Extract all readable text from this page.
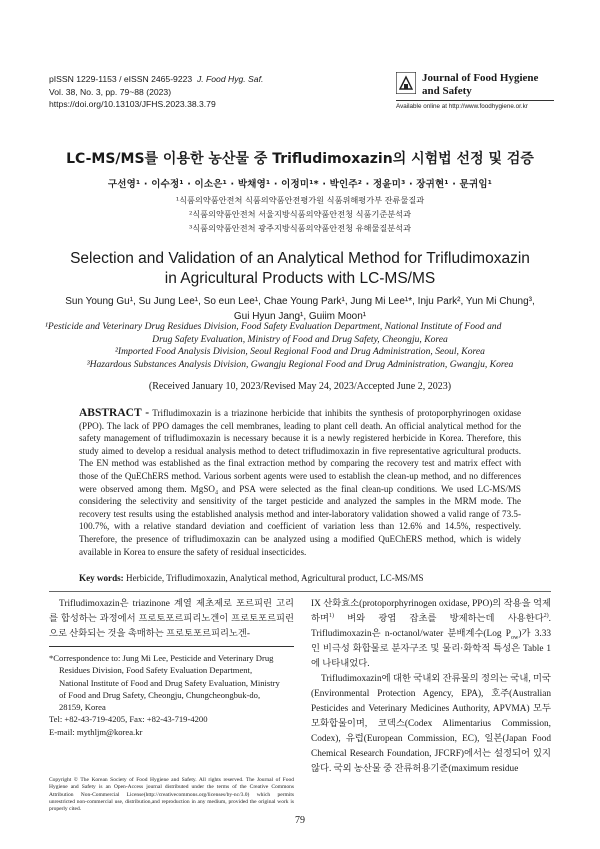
pISSN 1229-1153 / eISSN 2465-9223 J. Food Hyg. Saf.
Vol. 38, No. 3, pp. 79~88 (2023)
https://doi.org/10.13103/JFHS.2023.38.3.79
Journal of Food Hygiene
and Safety
Available online at http://www.foodhygiene.or.kr
LC-MS/MS를 이용한 농산물 중 Trifludimoxazin의 시험법 선정 및 검증
구선영¹ · 이수정¹ · 이소은¹ · 박채영¹ · 이정미¹* · 박인주² · 정윤미³ · 장귀현¹ · 문귀임¹
¹식품의약품안전처 식품의약품안전평가원 식품위해평가부 잔류물질과
²식품의약품안전처 서울지방식품의약품안전청 식품기준분석과
³식품의약품안전처 광주지방식품의약품안전청 유해물질분석과
Selection and Validation of an Analytical Method for Trifludimoxazin
in Agricultural Products with LC-MS/MS
Sun Young Gu¹, Su Jung Lee¹, So eun Lee¹, Chae Young Park¹, Jung Mi Lee¹*, Inju Park², Yun Mi Chung³,
Gui Hyun Jang¹, Guiim Moon¹

¹Pesticide and Veterinary Drug Residues Division, Food Safety Evaluation Department, National Institute of Food and

Drug Safety Evaluation, Ministry of Food and Drug Safety, Cheongju, Korea

²Imported Food Analysis Division, Seoul Regional Food and Drug Administration, Seoul, Korea

³Hazardous Substances Analysis Division, Gwangju Regional Food and Drug Administration, Gwangju, Korea

(Received January 10, 2023/Revised May 24, 2023/Accepted June 2, 2023)
ABSTRACT - Trifludimoxazin is a triazinone herbicide that inhibits the synthesis of protoporphyrinogen oxidase (PPO). The lack of PPO damages the cell membranes, leading to plant cell death. An official analytical method for the safety management of trifludimoxazin is necessary because it is a newly registered herbicide in Korea. Therefore, this study aimed to develop a residual analysis method to detect trifludimoxazin in five representative agricultural products. The EN method was established as the final extraction method by comparing the recovery test and matrix effect with those of the QuEChERS method. Various sorbent agents were used to establish the clean-up method, and no differences were observed among them. MgSO₄ and PSA were selected as the final clean-up conditions. We used LC-MS/MS considering the selectivity and sensitivity of the target pesticide and analyzed the samples in the MRM mode. The recovery test results using the established analysis method and inter-laboratory validation showed a valid range of 73.5-100.7%, with a relative standard deviation and coefficient of variation less than 12.6% and 14.5%, respectively. Therefore, the presence of trifludimoxazin can be analyzed using a modified QuEChERS method, which is widely available in Korea to ensure the safety of residual insecticides.
Key words: Herbicide, Trifludimoxazin, Analytical method, Agricultural product, LC-MS/MS

Trifludimoxazin은 triazinone 계열 제초제로 포르피린 고리를 합성하는 과정에서 프로토포르피리노겐이 프로토포르피린으로 산화되는 것을 촉매하는 프로토포르피리노겐-

*Correspondence to: Jung Mi Lee, Pesticide and Veterinary Drug
Residues Division, Food Safety Evaluation Department,
National Institute of Food and Drug Safety Evaluation, Ministry
of Food and Drug Safety, Cheongju, Chungcheongbuk-do,
28159, Korea
Tel: +82-43-719-4205, Fax: +82-43-719-4200
E-mail: mythljm@korea.kr
Copyright © The Korean Society of Food Hygiene and Safety. All rights reserved. The Journal of Food Hygiene and Safety is an Open-Access journal distributed under the terms of the Creative Commons Attribution Non-Commercial License(http://creativecommons.org/licenses/by-nc/3.0) which permits unrestricted non-commercial use, distribution,and reproduction in any medium, provided the original work is properly cited.

IX 산화효소(protoporphyrinogen oxidase, PPO)의 작용을 억제하며$^{1)}$ 벼와 광엽 잡초를 방제하는데 사용한다$^{2)}$. Trifludimoxazin은 n-octanol/water 분배계수(Log $P_{ow}$)가 3.33인 비극성 화합물로 분자구조 및 물리·화학적 특성은 Table 1에 나타내었다.

Trifludimoxazin에 대한 국내외 잔류물의 정의는 국내, 미국(Environmental Protection Agency, EPA), 호주(Australian Pesticides and Veterinary Medicines Authority, APVMA) 모두 모화합물이며, 코덱스(Codex Alimentarius Commission, Codex), 유럽(European Commission, EC), 일본(Japan Food Chemical Research Foundation, JFCRF)에서는 설정되어 있지 않다. 국외 농산물 중 잔류허용기준(maximum residue

79
